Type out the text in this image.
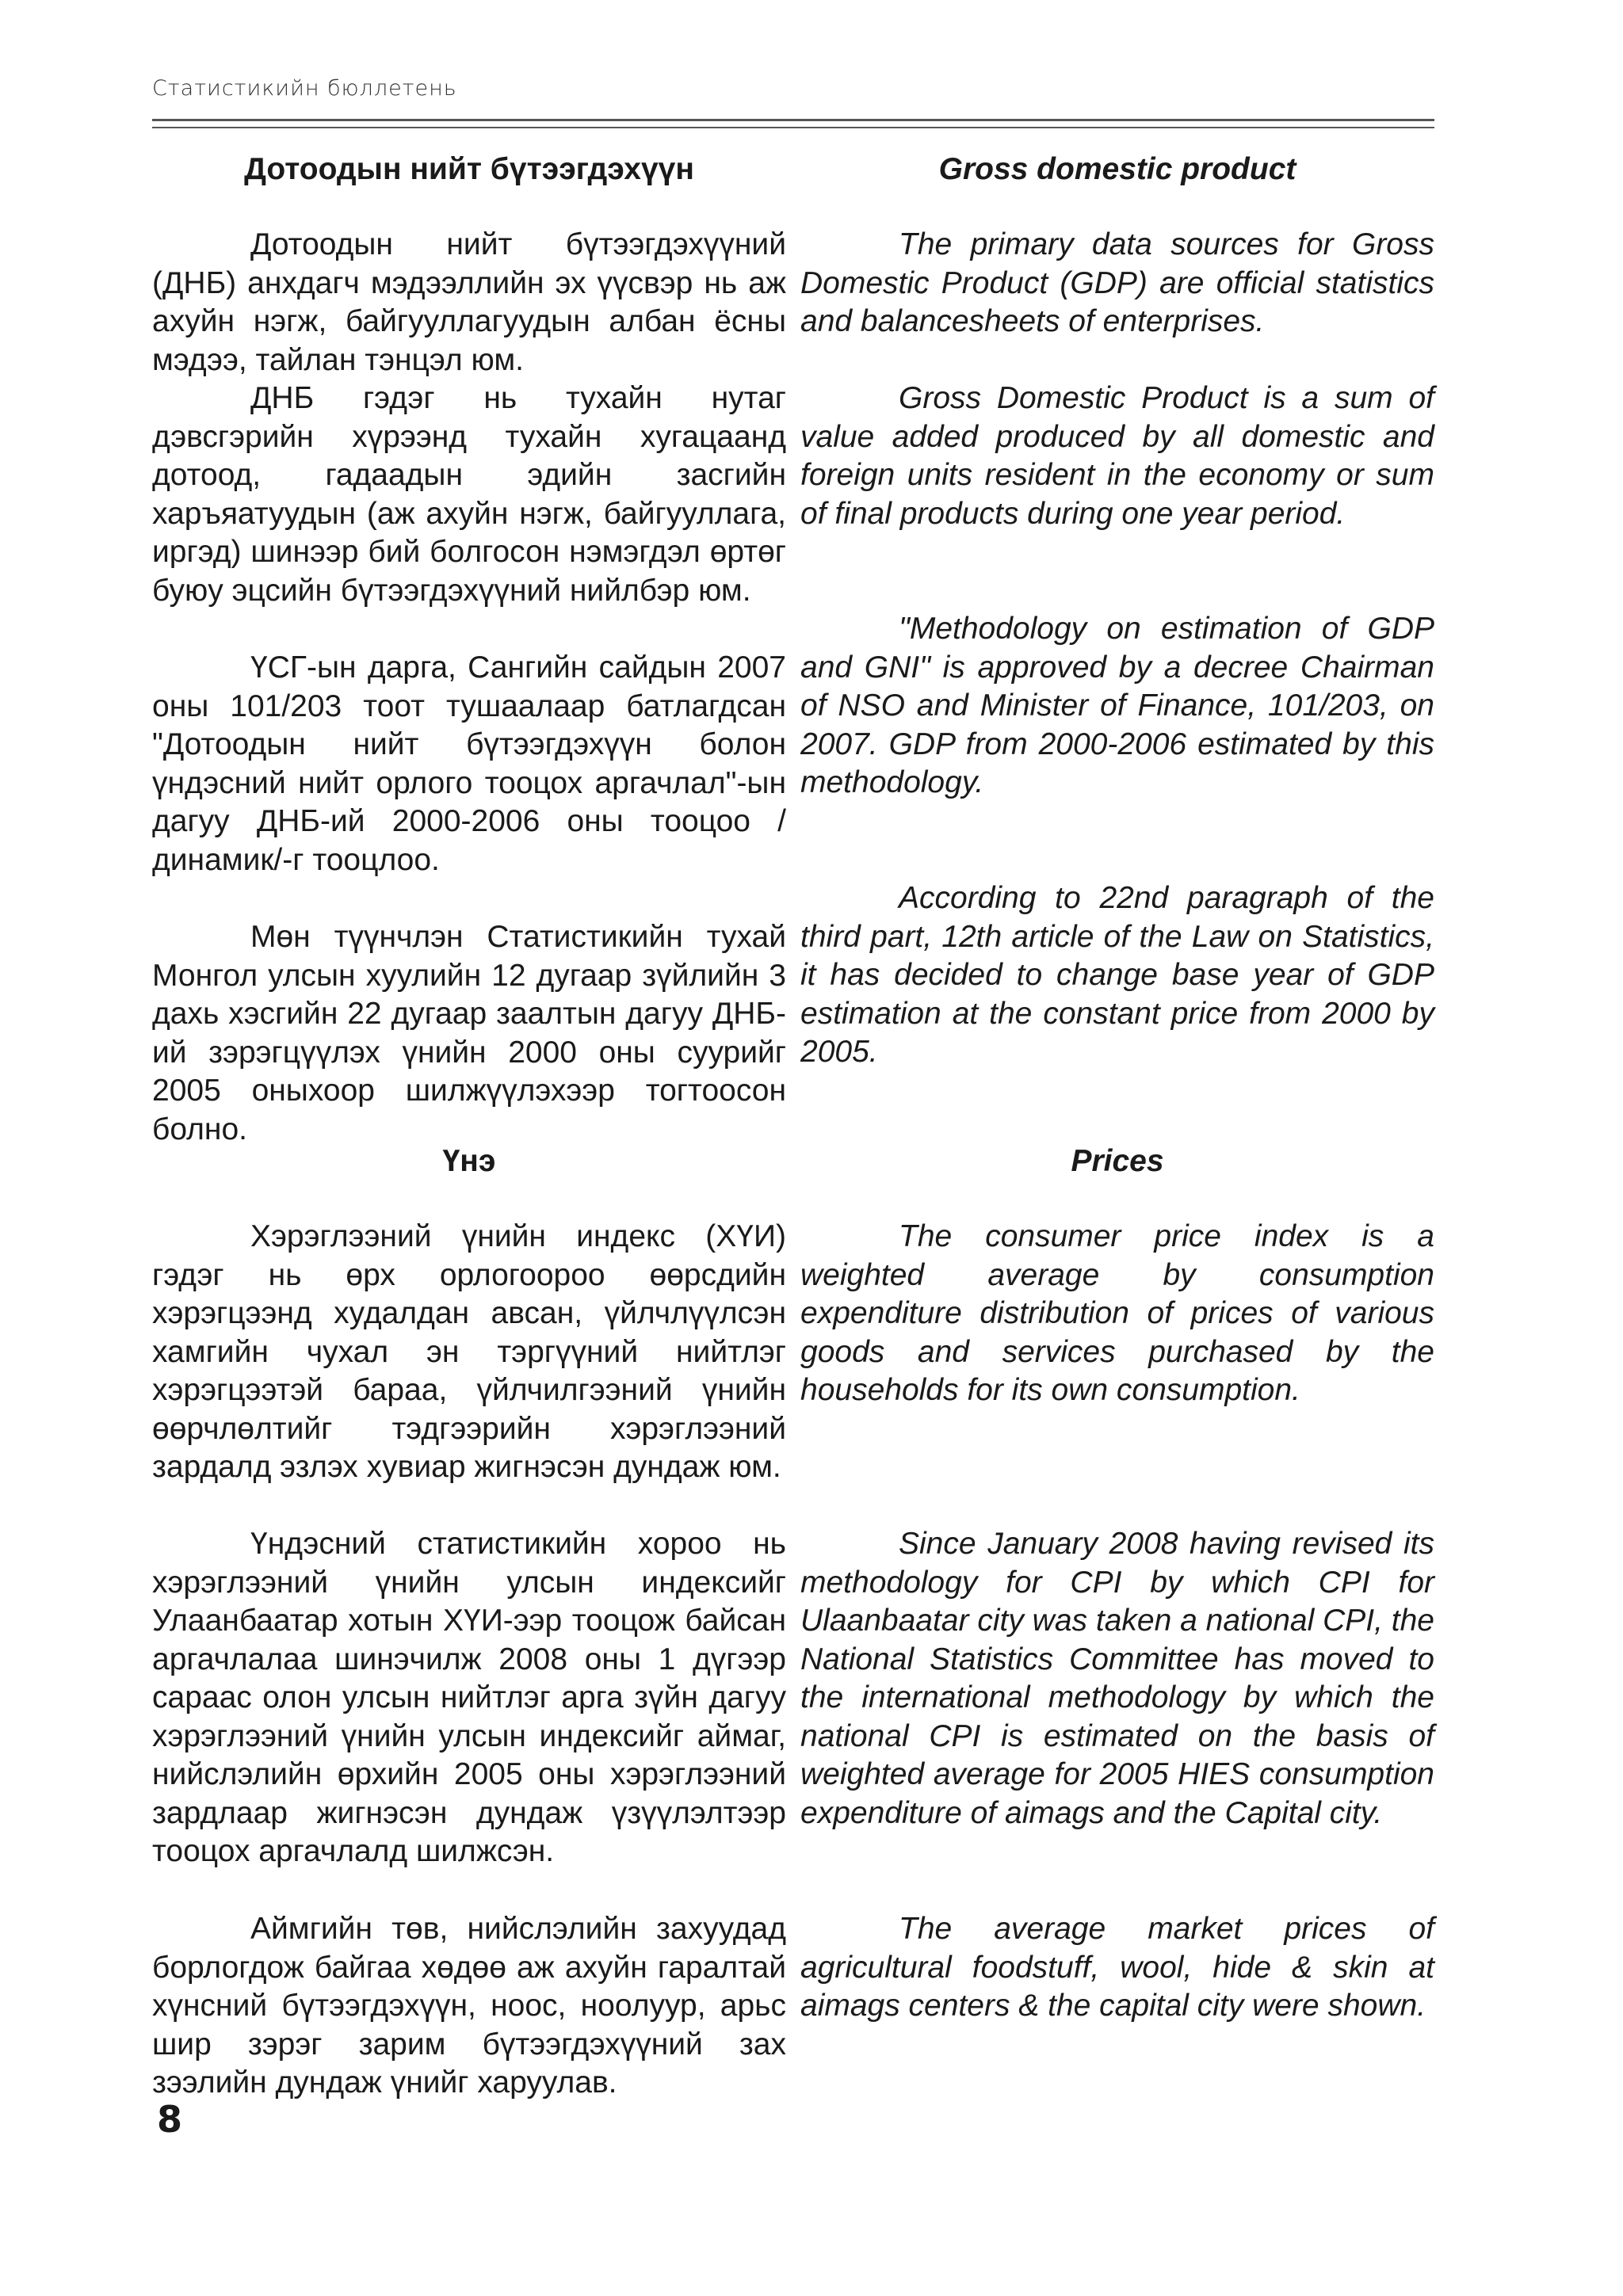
Статистикийн бюллетень
Дотоодын нийт бүтээгдэхүүн

Дотоодын нийт бүтээгдэхүүний (ДНБ) анхдагч мэдээллийн эх үүсвэр нь аж ахуйн нэгж, байгууллагуудын албан ёсны мэдээ, тайлан тэнцэл юм.

ДНБ гэдэг нь тухайн нутаг дэвсгэрийн хүрээнд тухайн хугацаанд дотоод, гадаадын эдийн засгийн харъяатуудын (аж ахуйн нэгж, байгууллага, иргэд) шинээр бий болгосон нэмэгдэл өртөг буюу эцсийн бүтээгдэхүүний нийлбэр юм.

ҮСГ-ын дарга, Сангийн сайдын 2007 оны 101/203 тоот тушаалаар батлагдсан "Дотоодын нийт бүтээгдэхүүн болон үндэсний нийт орлого тооцох аргачлал"-ын дагуу ДНБ-ий 2000-2006 оны тооцоо /динамик/-г тооцлоо.

Мөн түүнчлэн Статистикийн тухай Монгол улсын хуулийн 12 дугаар зүйлийн 3 дахь хэсгийн 22 дугаар заалтын дагуу ДНБ-ий зэрэгцүүлэх үнийн 2000 оны суурийг 2005 оныхоор шилжүүлэхээр тогтоосон болно.

Үнэ

Хэрэглээний үнийн индекс (ХҮИ) гэдэг нь өрх орлогоороо өөрсдийн хэрэгцээнд худалдан авсан, үйлчлүүлсэн хамгийн чухал эн тэргүүний нийтлэг хэрэгцээтэй бараа, үйлчилгээний үнийн өөрчлөлтийг тэдгээрийн хэрэглээний зардалд эзлэх хувиар жигнэсэн дундаж юм.

Үндэсний статистикийн хороо нь хэрэглээний үнийн улсын индексийг Улаанбаатар хотын ХҮИ-ээр тооцож байсан аргачлалаа шинэчилж 2008 оны 1 дүгээр сараас олон улсын нийтлэг арга зүйн дагуу хэрэглээний үнийн улсын индексийг аймаг, нийслэлийн өрхийн 2005 оны хэрэглээний зардлаар жигнэсэн дундаж үзүүлэлтээр тооцох аргачлалд шилжсэн.

Аймгийн төв, нийслэлийн захуудад борлогдож байгаа хөдөө аж ахуйн гаралтай хүнсний бүтээгдэхүүн, ноос, ноолуур, арьс шир зэрэг зарим бүтээгдэхүүний зах зээлийн дундаж үнийг харуулав.

Gross domestic product

The primary data sources for Gross Domestic Product (GDP) are official statistics and balancesheets of enterprises.

Gross Domestic Product is a sum of value added produced by all domestic and foreign units resident in the economy or sum of final products during one year period.

"Methodology on estimation of GDP and GNI" is approved by a decree Chairman of NSO and Minister of Finance, 101/203, on 2007. GDP from 2000-2006 estimated by this methodology.

According to 22nd paragraph of the third part, 12th article of the Law on Statistics, it has decided to change base year of GDP estimation at the constant price from 2000 by 2005.

Prices

The consumer price index is a weighted average by consumption expenditure distribution of prices of various goods and services purchased by the households for its own consumption.

Since January 2008 having revised its methodology for CPI by which CPI for Ulaanbaatar city was taken a national CPI, the National Statistics Committee has moved to the international methodology by which the national CPI is estimated on the basis of weighted average for 2005 HIES consumption expenditure of aimags and the Capital city.

The average market prices of agricultural foodstuff, wool, hide & skin at aimags centers & the capital city were shown.

8
